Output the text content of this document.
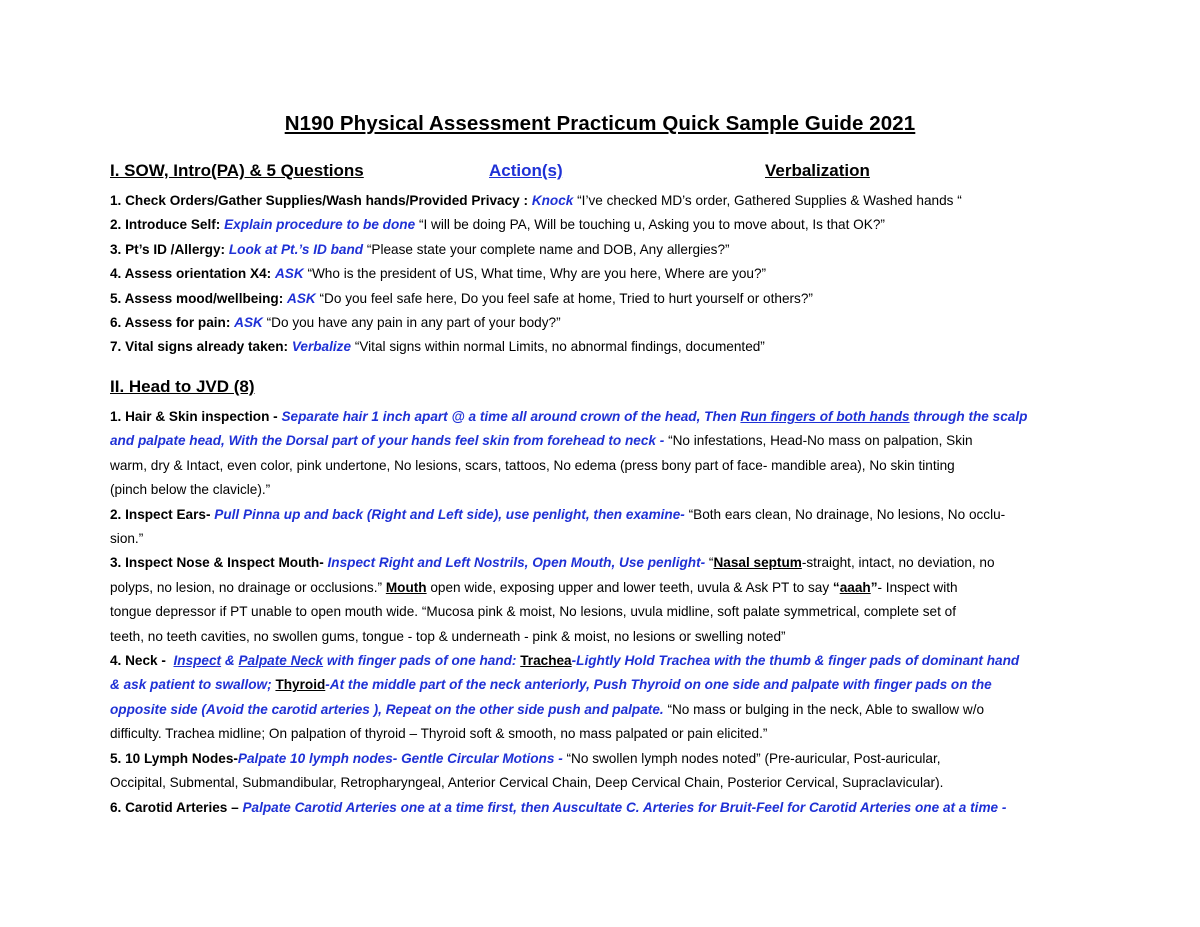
N190 Physical Assessment Practicum Quick Sample Guide 2021
I. SOW, Intro(PA) & 5 Questions	Action(s)	Verbalization
1. Check Orders/Gather Supplies/Wash hands/Provided Privacy : Knock “I’ve checked MD’s order, Gathered Supplies & Washed hands “
2. Introduce Self: Explain procedure to be done “I will be doing PA, Will be touching u, Asking you to move about, Is that OK?”
3. Pt’s ID /Allergy: Look at Pt.’s ID band “Please state your complete name and DOB, Any allergies?”
4. Assess orientation X4: ASK “Who is the president of US, What time, Why are you here, Where are you?”
5. Assess mood/wellbeing: ASK “Do you feel safe here, Do you feel safe at home, Tried to hurt yourself or others?”
6. Assess for pain: ASK “Do you have any pain in any part of your body?”
7. Vital signs already taken: Verbalize “Vital signs within normal Limits, no abnormal findings, documented”
II. Head to JVD (8)
1. Hair & Skin inspection - Separate hair 1 inch apart @ a time all around crown of the head, Then Run fingers of both hands through the scalp
and palpate head, With the Dorsal part of your hands feel skin from forehead to neck - “No infestations, Head-No mass on palpation, Skin
warm, dry & Intact, even color, pink undertone, No lesions, scars, tattoos, No edema (press bony part of face- mandible area), No skin tinting
(pinch below the clavicle).”
2. Inspect Ears- Pull Pinna up and back (Right and Left side), use penlight, then examine- “Both ears clean, No drainage, No lesions, No occlu-
sion.”
3. Inspect Nose & Inspect Mouth- Inspect Right and Left Nostrils, Open Mouth, Use penlight- “Nasal septum-straight, intact, no deviation, no
polyps, no lesion, no drainage or occlusions.” Mouth open wide, exposing upper and lower teeth, uvula & Ask PT to say “aaah”- Inspect with
tongue depressor if PT unable to open mouth wide. “Mucosa pink & moist, No lesions, uvula midline, soft palate symmetrical, complete set of
teeth, no teeth cavities, no swollen gums, tongue - top & underneath - pink & moist, no lesions or swelling noted”
4. Neck - Inspect & Palpate Neck with finger pads of one hand: Trachea-Lightly Hold Trachea with the thumb & finger pads of dominant hand
& ask patient to swallow; Thyroid-At the middle part of the neck anteriorly, Push Thyroid on one side and palpate with finger pads on the
opposite side (Avoid the carotid arteries ), Repeat on the other side push and palpate. “No mass or bulging in the neck, Able to swallow w/o
difficulty. Trachea midline; On palpation of thyroid – Thyroid soft & smooth, no mass palpated or pain elicited.”
5. 10 Lymph Nodes-Palpate 10 lymph nodes- Gentle Circular Motions - “No swollen lymph nodes noted” (Pre-auricular, Post-auricular,
Occipital, Submental, Submandibular, Retropharyngeal, Anterior Cervical Chain, Deep Cervical Chain, Posterior Cervical, Supraclavicular).
6. Carotid Arteries – Palpate Carotid Arteries one at a time first, then Auscultate C. Arteries for Bruit-Feel for Carotid Arteries one at a time -
